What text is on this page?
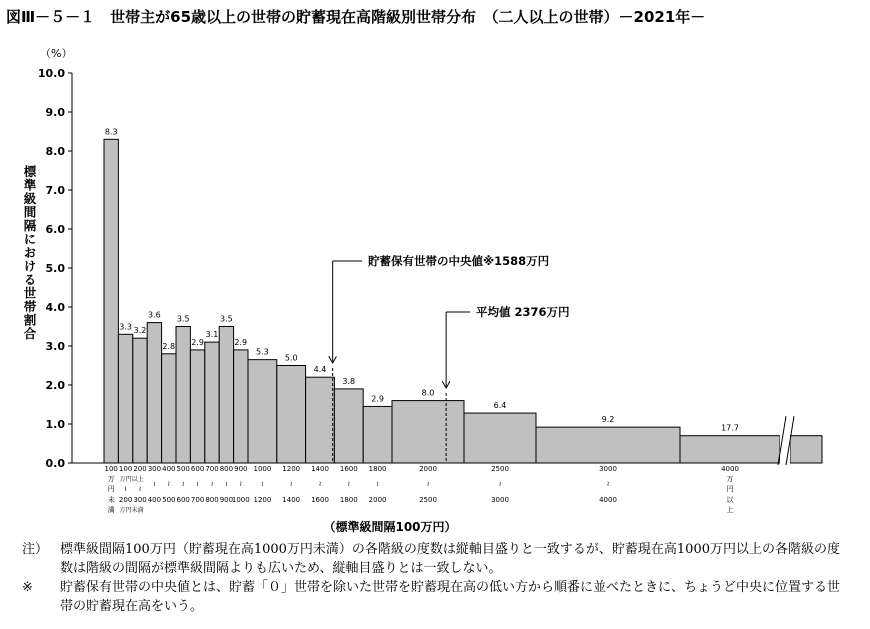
図Ⅲ－５－１　世帯主が65歳以上の世帯の貯蓄現在高階級別世帯分布　（二人以上の世帯）－2021年－
（%）
標準級間隔における世帯割合
0.0
1.0
2.0
3.0
4.0
5.0
6.0
7.0
8.0
9.0
10.0
8.3
100
万
円
未
満
3.3
100
万円以上
≀
200
万円未満
3.2
200
≀
300
3.6
300
≀
400
2.8
400
≀
500
3.5
500
≀
600
2.9
600
≀
700
3.1
700
≀
800
3.5
800
≀
900
2.9
900
≀
1000
5.3
1000
≀
1200
5.0
1200
≀
1400
4.4
1400
≀
1600
3.8
1600
≀
1800
2.9
1800
≀
2000
8.0
2000
≀
2500
6.4
2500
≀
3000
9.2
3000
≀
4000
17.7
4000
万
円
以
上
（標準級間隔100万円）
貯蓄保有世帯の中央値※1588万円
平均値 2376万円
注） 標準級間隔100万円（貯蓄現在高1000万円未満）の各階級の度数は縦軸目盛りと一致するが、貯蓄現在高1000万円以上の各階級の度数は階級の間隔が標準級間隔よりも広いため、縦軸目盛りとは一致しない。
※ 貯蓄保有世帯の中央値とは、貯蓄「０」世帯を除いた世帯を貯蓄現在高の低い方から順番に並べたときに、ちょうど中央に位置する世帯の貯蓄現在高をいう。
